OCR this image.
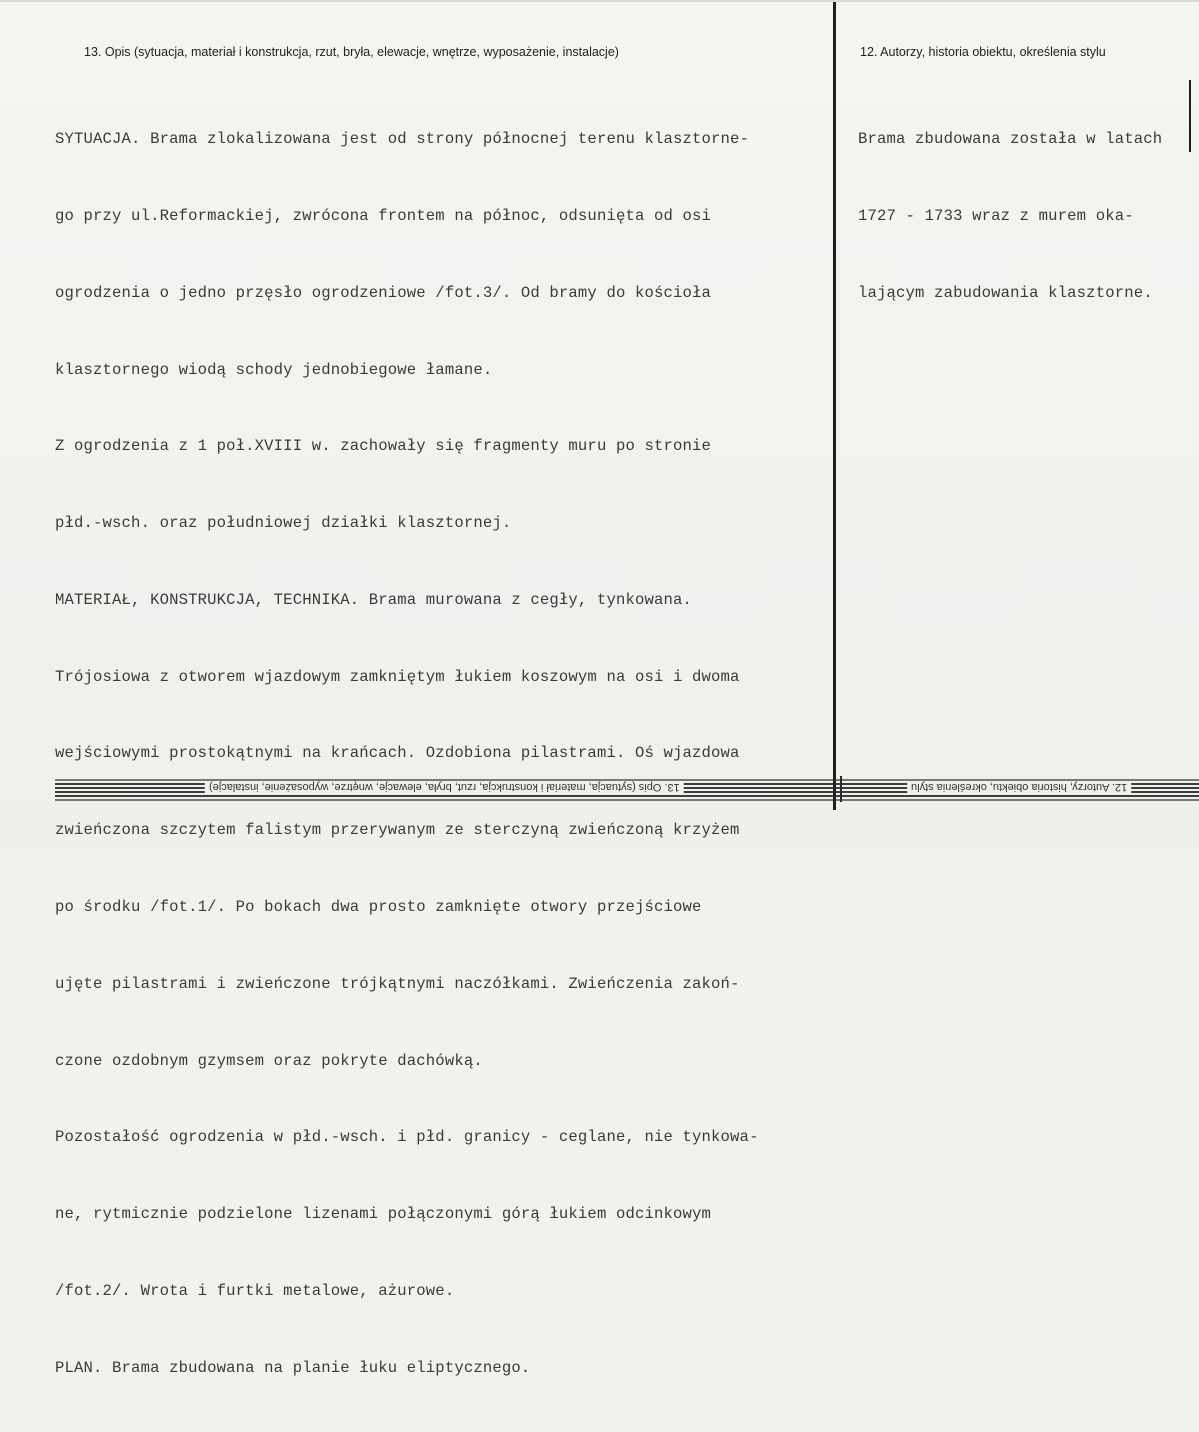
13. Opis (sytuacja, materiał i konstrukcja, rzut, bryła, elewacje, wnętrze, wyposażenie, instalacje)	12. Autorzy, historia obiektu, określenia stylu

SYTUACJA. Brama zlokalizowana jest od strony północnej terenu klasztorne-

go przy ul.Reformackiej, zwrócona frontem na północ, odsunięta od osi

ogrodzenia o jedno przęsło ogrodzeniowe /fot.3/. Od bramy do kościoła

klasztornego wiodą schody jednobiegowe łamane.

Z ogrodzenia z 1 poł.XVIII w. zachowały się fragmenty muru po stronie

płd.-wsch. oraz południowej działki klasztornej.

MATERIAŁ, KONSTRUKCJA, TECHNIKA. Brama murowana z cegły, tynkowana.

Trójosiowa z otworem wjazdowym zamkniętym łukiem koszowym na osi i dwoma

wejściowymi prostokątnymi na krańcach. Ozdobiona pilastrami. Oś wjazdowa

zwieńczona szczytem falistym przerywanym ze sterczyną zwieńczoną krzyżem

po środku /fot.1/. Po bokach dwa prosto zamknięte otwory przejściowe

ujęte pilastrami i zwieńczone trójkątnymi naczółkami. Zwieńczenia zakoń-

czone ozdobnym gzymsem oraz pokryte dachówką.

Pozostałość ogrodzenia w płd.-wsch. i płd. granicy - ceglane, nie tynkowa-

ne, rytmicznie podzielone lizenami połączonymi górą łukiem odcinkowym

/fot.2/. Wrota i furtki metalowe, ażurowe.

PLAN. Brama zbudowana na planie łuku eliptycznego.

Brama zbudowana została w latach

1727 - 1733 wraz z murem oka-

lającym zabudowania klasztorne.

13. Opis (sytuacja, materiał i konstrukcja, rzut, bryła, elewacje, wnętrze, wyposażenie, instalacje)	12. Autorzy, historia obiektu, określenia stylu
